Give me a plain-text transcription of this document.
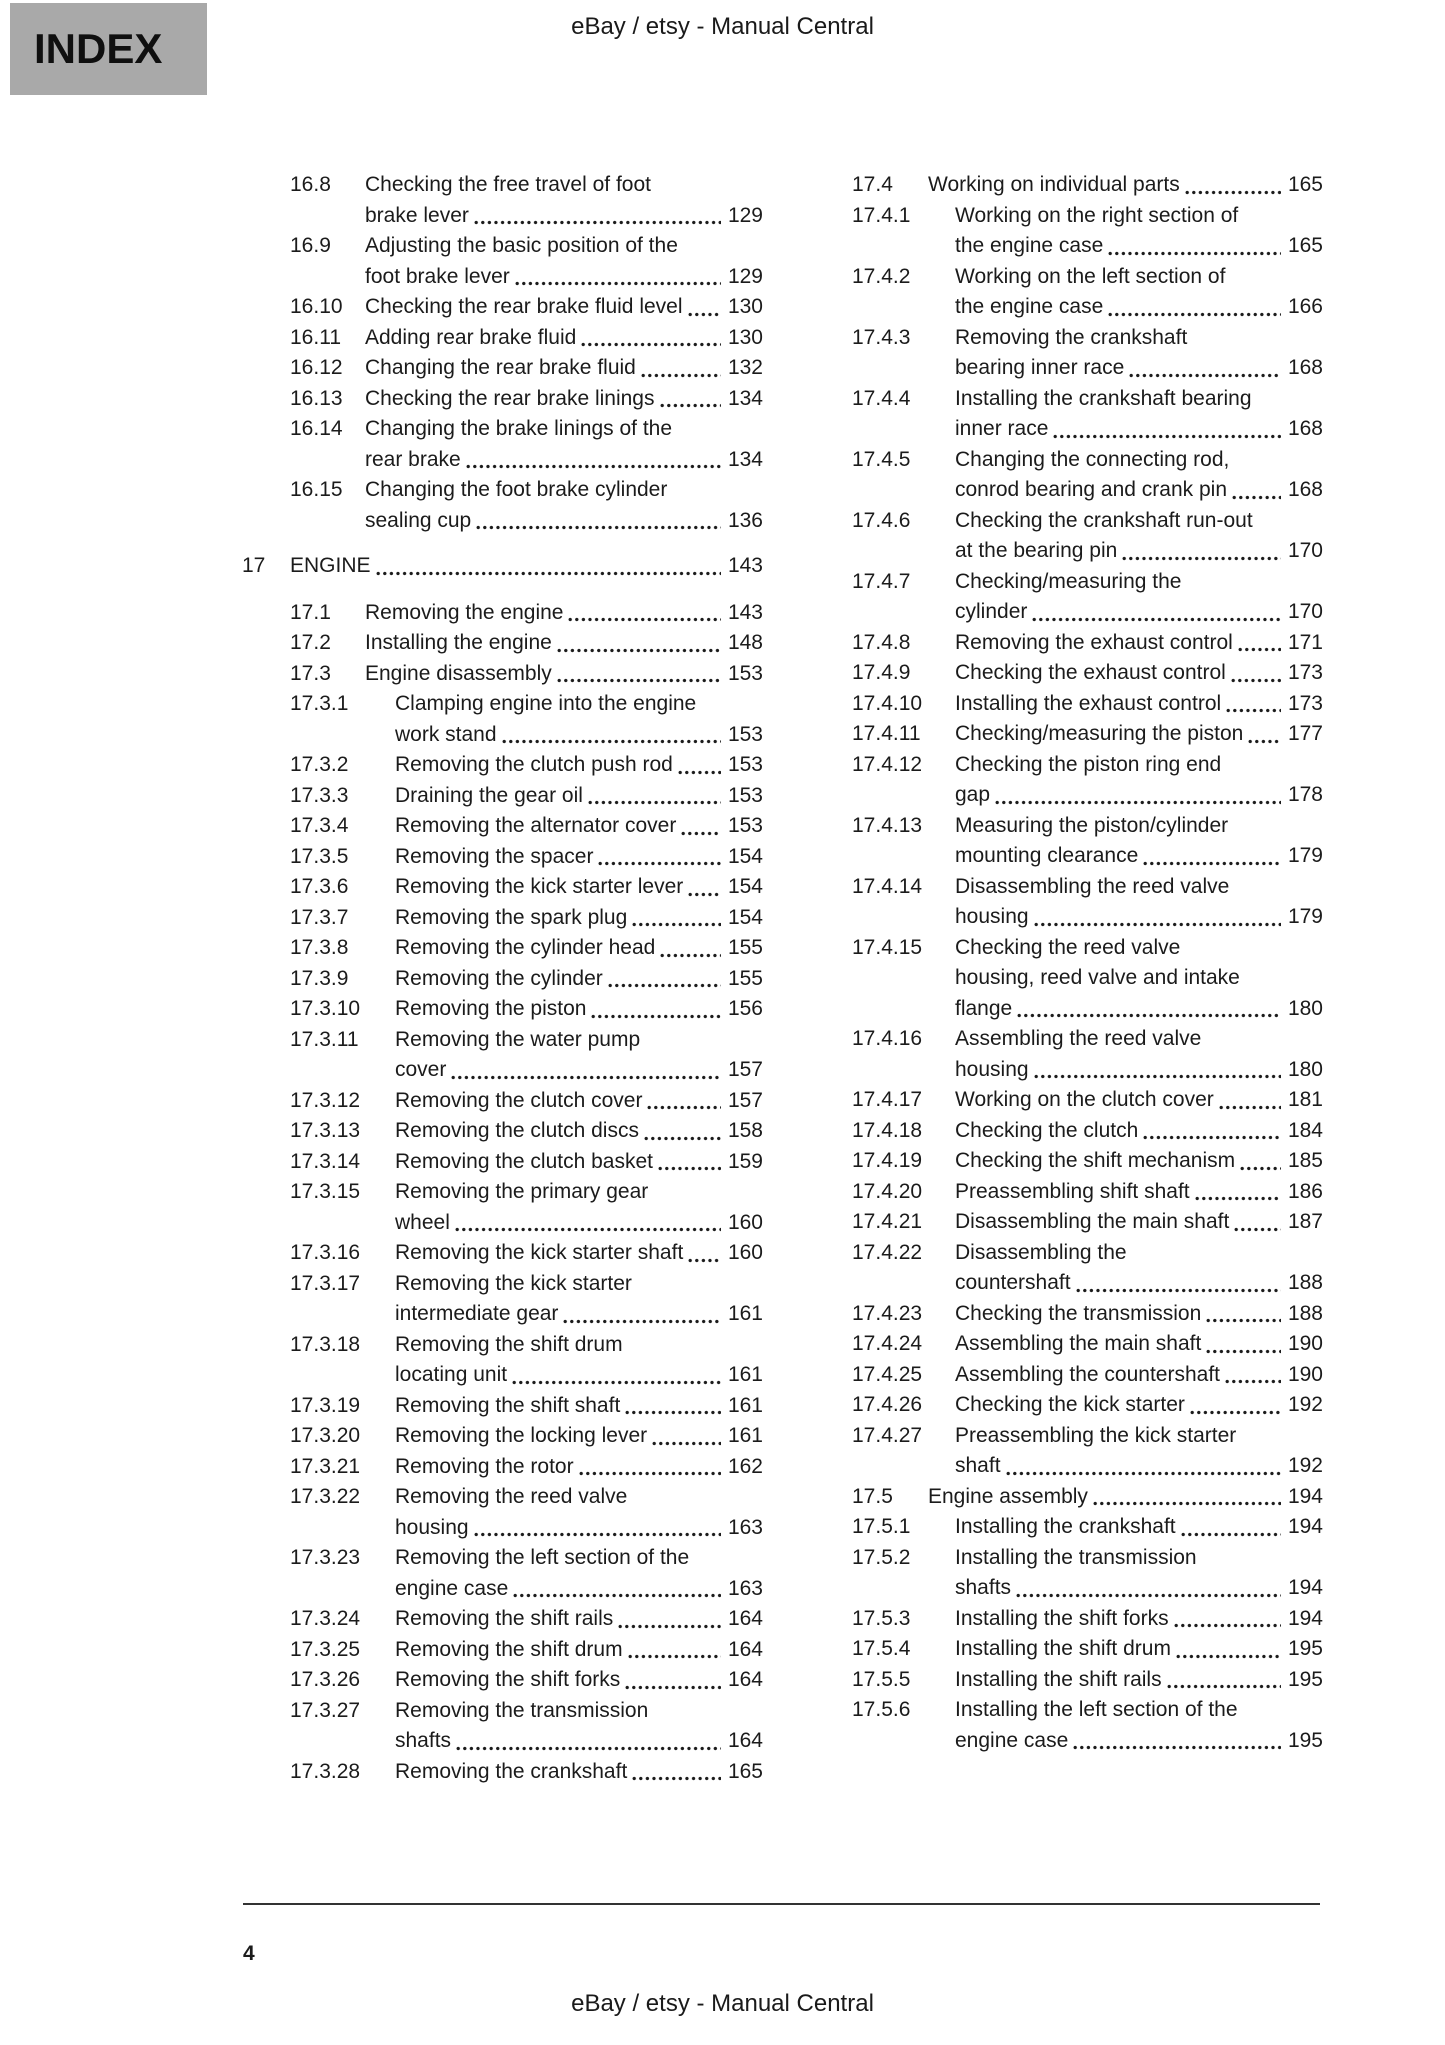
INDEX	eBay / etsy - Manual Central
16.8	Checking the free travel of foot
brake lever	129
16.9	Adjusting the basic position of the
foot brake lever	129
16.10	Checking the rear brake fluid level 130
16.11	Adding rear brake fluid	130
16.12	Changing the rear brake fluid	132
16.13	Checking the rear brake linings	134
16.14	Changing the brake linings of the
rear brake	134
16.15	Changing the foot brake cylinder
sealing cup	136
17	ENGINE	143
17.1	Removing the engine	143
17.2	Installing the engine	148
17.3	Engine disassembly	153
17.3.1	Clamping engine into the engine
work stand	153
17.3.2	Removing the clutch push rod	153
17.3.3	Draining the gear oil	153
17.3.4	Removing the alternator cover 153
17.3.5	Removing the spacer	154
17.3.6	Removing the kick starter lever 154
17.3.7	Removing the spark plug	154
17.3.8	Removing the cylinder head	155
17.3.9	Removing the cylinder	155
17.3.10	Removing the piston	156
17.3.11	Removing the water pump
cover	157
17.3.12	Removing the clutch cover	157
17.3.13	Removing the clutch discs	158
17.3.14	Removing the clutch basket	159
17.3.15	Removing the primary gear
wheel	160
17.3.16	Removing the kick starter shaft 160
17.3.17	Removing the kick starter
intermediate gear	161
17.3.18	Removing the shift drum
locating unit	161
17.3.19	Removing the shift shaft	161
17.3.20	Removing the locking lever	161
17.3.21	Removing the rotor	162
17.3.22	Removing the reed valve
housing	163
17.3.23	Removing the left section of the
engine case	163
17.3.24	Removing the shift rails	164
17.3.25	Removing the shift drum	164
17.3.26	Removing the shift forks	164
17.3.27	Removing the transmission
shafts	164
17.3.28	Removing the crankshaft	165
17.4	Working on individual parts	165
17.4.1	Working on the right section of
the engine case	165
17.4.2	Working on the left section of
the engine case	166
17.4.3	Removing the crankshaft
bearing inner race	168
17.4.4	Installing the crankshaft bearing
inner race	168
17.4.5	Changing the connecting rod,
conrod bearing and crank pin	168
17.4.6	Checking the crankshaft run-out
at the bearing pin	170
17.4.7	Checking/measuring the
cylinder	170
17.4.8	Removing the exhaust control	171
17.4.9	Checking the exhaust control	173
17.4.10	Installing the exhaust control	173
17.4.11	Checking/measuring the piston 177
17.4.12	Checking the piston ring end
gap	178
17.4.13	Measuring the piston/cylinder
mounting clearance	179
17.4.14	Disassembling the reed valve
housing	179
17.4.15	Checking the reed valve
housing, reed valve and intake
flange	180
17.4.16	Assembling the reed valve
housing	180
17.4.17	Working on the clutch cover	181
17.4.18	Checking the clutch	184
17.4.19	Checking the shift mechanism	185
17.4.20	Preassembling shift shaft	186
17.4.21	Disassembling the main shaft	187
17.4.22	Disassembling the
countershaft	188
17.4.23	Checking the transmission	188
17.4.24	Assembling the main shaft	190
17.4.25	Assembling the countershaft	190
17.4.26	Checking the kick starter	192
17.4.27	Preassembling the kick starter
shaft	192
17.5	Engine assembly	194
17.5.1	Installing the crankshaft	194
17.5.2	Installing the transmission
shafts	194
17.5.3	Installing the shift forks	194
17.5.4	Installing the shift drum	195
17.5.5	Installing the shift rails	195
17.5.6	Installing the left section of the
engine case	195
4
eBay / etsy - Manual Central
